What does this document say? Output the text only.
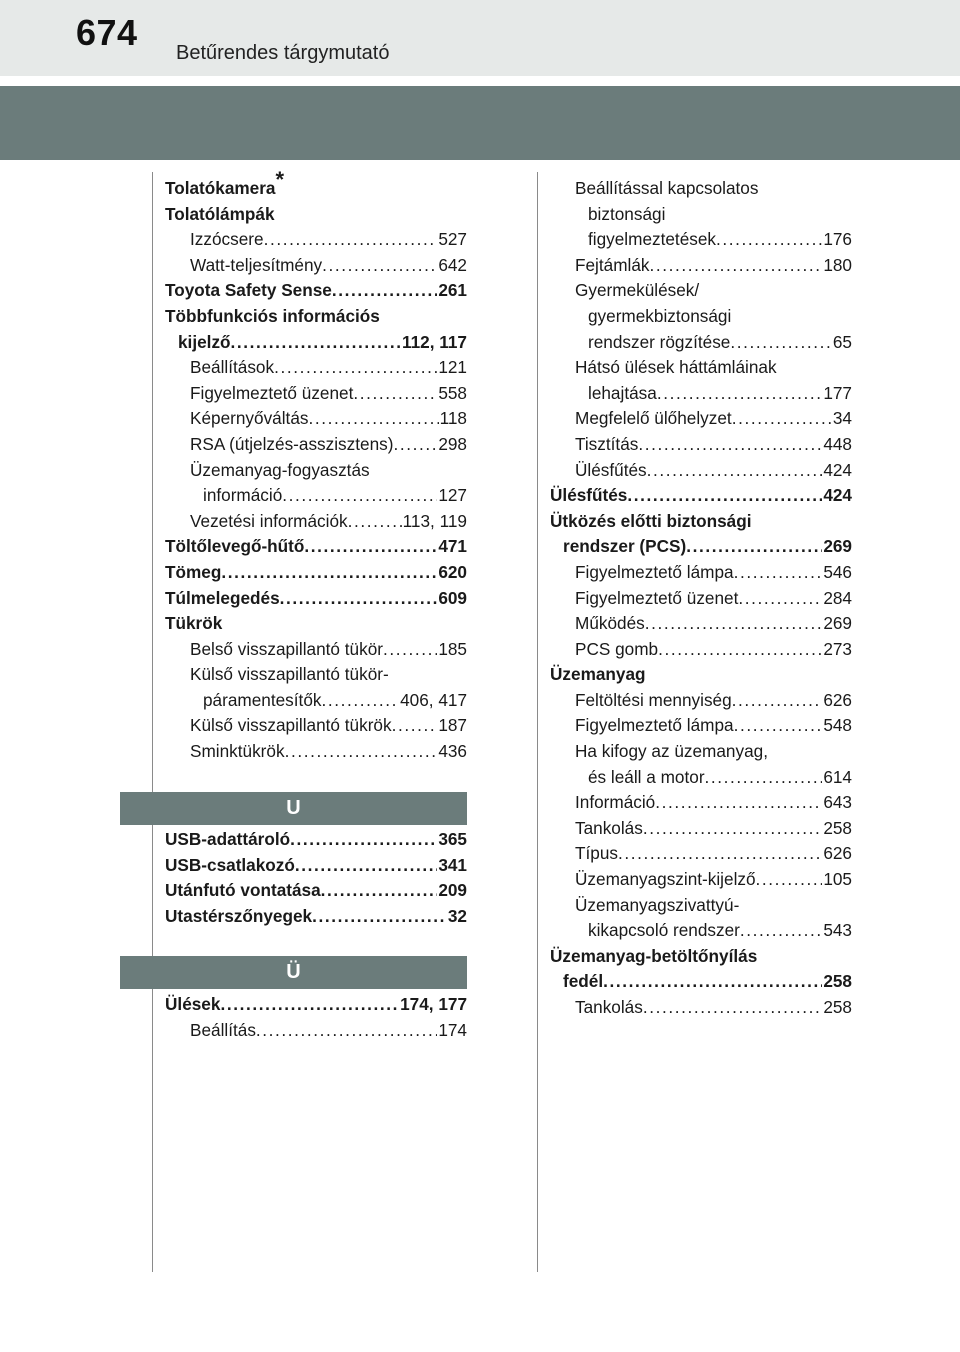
674 Betűrendes tárgymutató
Tolatókamera*
Tolatólámpák
Izzócsere .....	527
Watt-teljesítmény .....	642
Toyota Safety Sense .....	261
Többfunkciós információs
kijelző .....	112, 117
Beállítások .....	121
Figyelmeztető üzenet .....	558
Képernyőváltás .....	118
RSA (útjelzés-asszisztens) .....	298
Üzemanyag-fogyasztás
információ .....	127
Vezetési információk .....	113, 119
Töltőlevegő-hűtő .....	471
Tömeg .....	620
Túlmelegedés .....	609
Tükrök
Belső visszapillantó tükör .....	185
Külső visszapillantó tükör-
páramentesítők .....	406, 417
Külső visszapillantó tükrök .....	187
Sminktükrök .....	436
U
USB-adattároló .....	365
USB-csatlakozó .....	341
Utánfutó vontatása .....	209
Utastérszőnyegek .....	32
Ü
Ülések .....	174, 177
Beállítás .....	174
Beállítással kapcsolatos
biztonsági
figyelmeztetések .....	176
Fejtámlák .....	180
Gyermekülések/
gyermekbiztonsági
rendszer rögzítése .....	65
Hátsó ülések háttámláinak
lehajtása .....	177
Megfelelő ülőhelyzet .....	34
Tisztítás .....	448
Ülésfűtés .....	424
Ülésfűtés .....	424
Ütközés előtti biztonsági
rendszer (PCS) .....	269
Figyelmeztető lámpa .....	546
Figyelmeztető üzenet .....	284
Működés .....	269
PCS gomb .....	273
Üzemanyag
Feltöltési mennyiség .....	626
Figyelmeztető lámpa .....	548
Ha kifogy az üzemanyag,
és leáll a motor .....	614
Információ .....	643
Tankolás .....	258
Típus .....	626
Üzemanyagszint-kijelző .....	105
Üzemanyagszivattyú-
kikapcsoló rendszer .....	543
Üzemanyag-betöltőnyílás
fedél .....	258
Tankolás .....	258
